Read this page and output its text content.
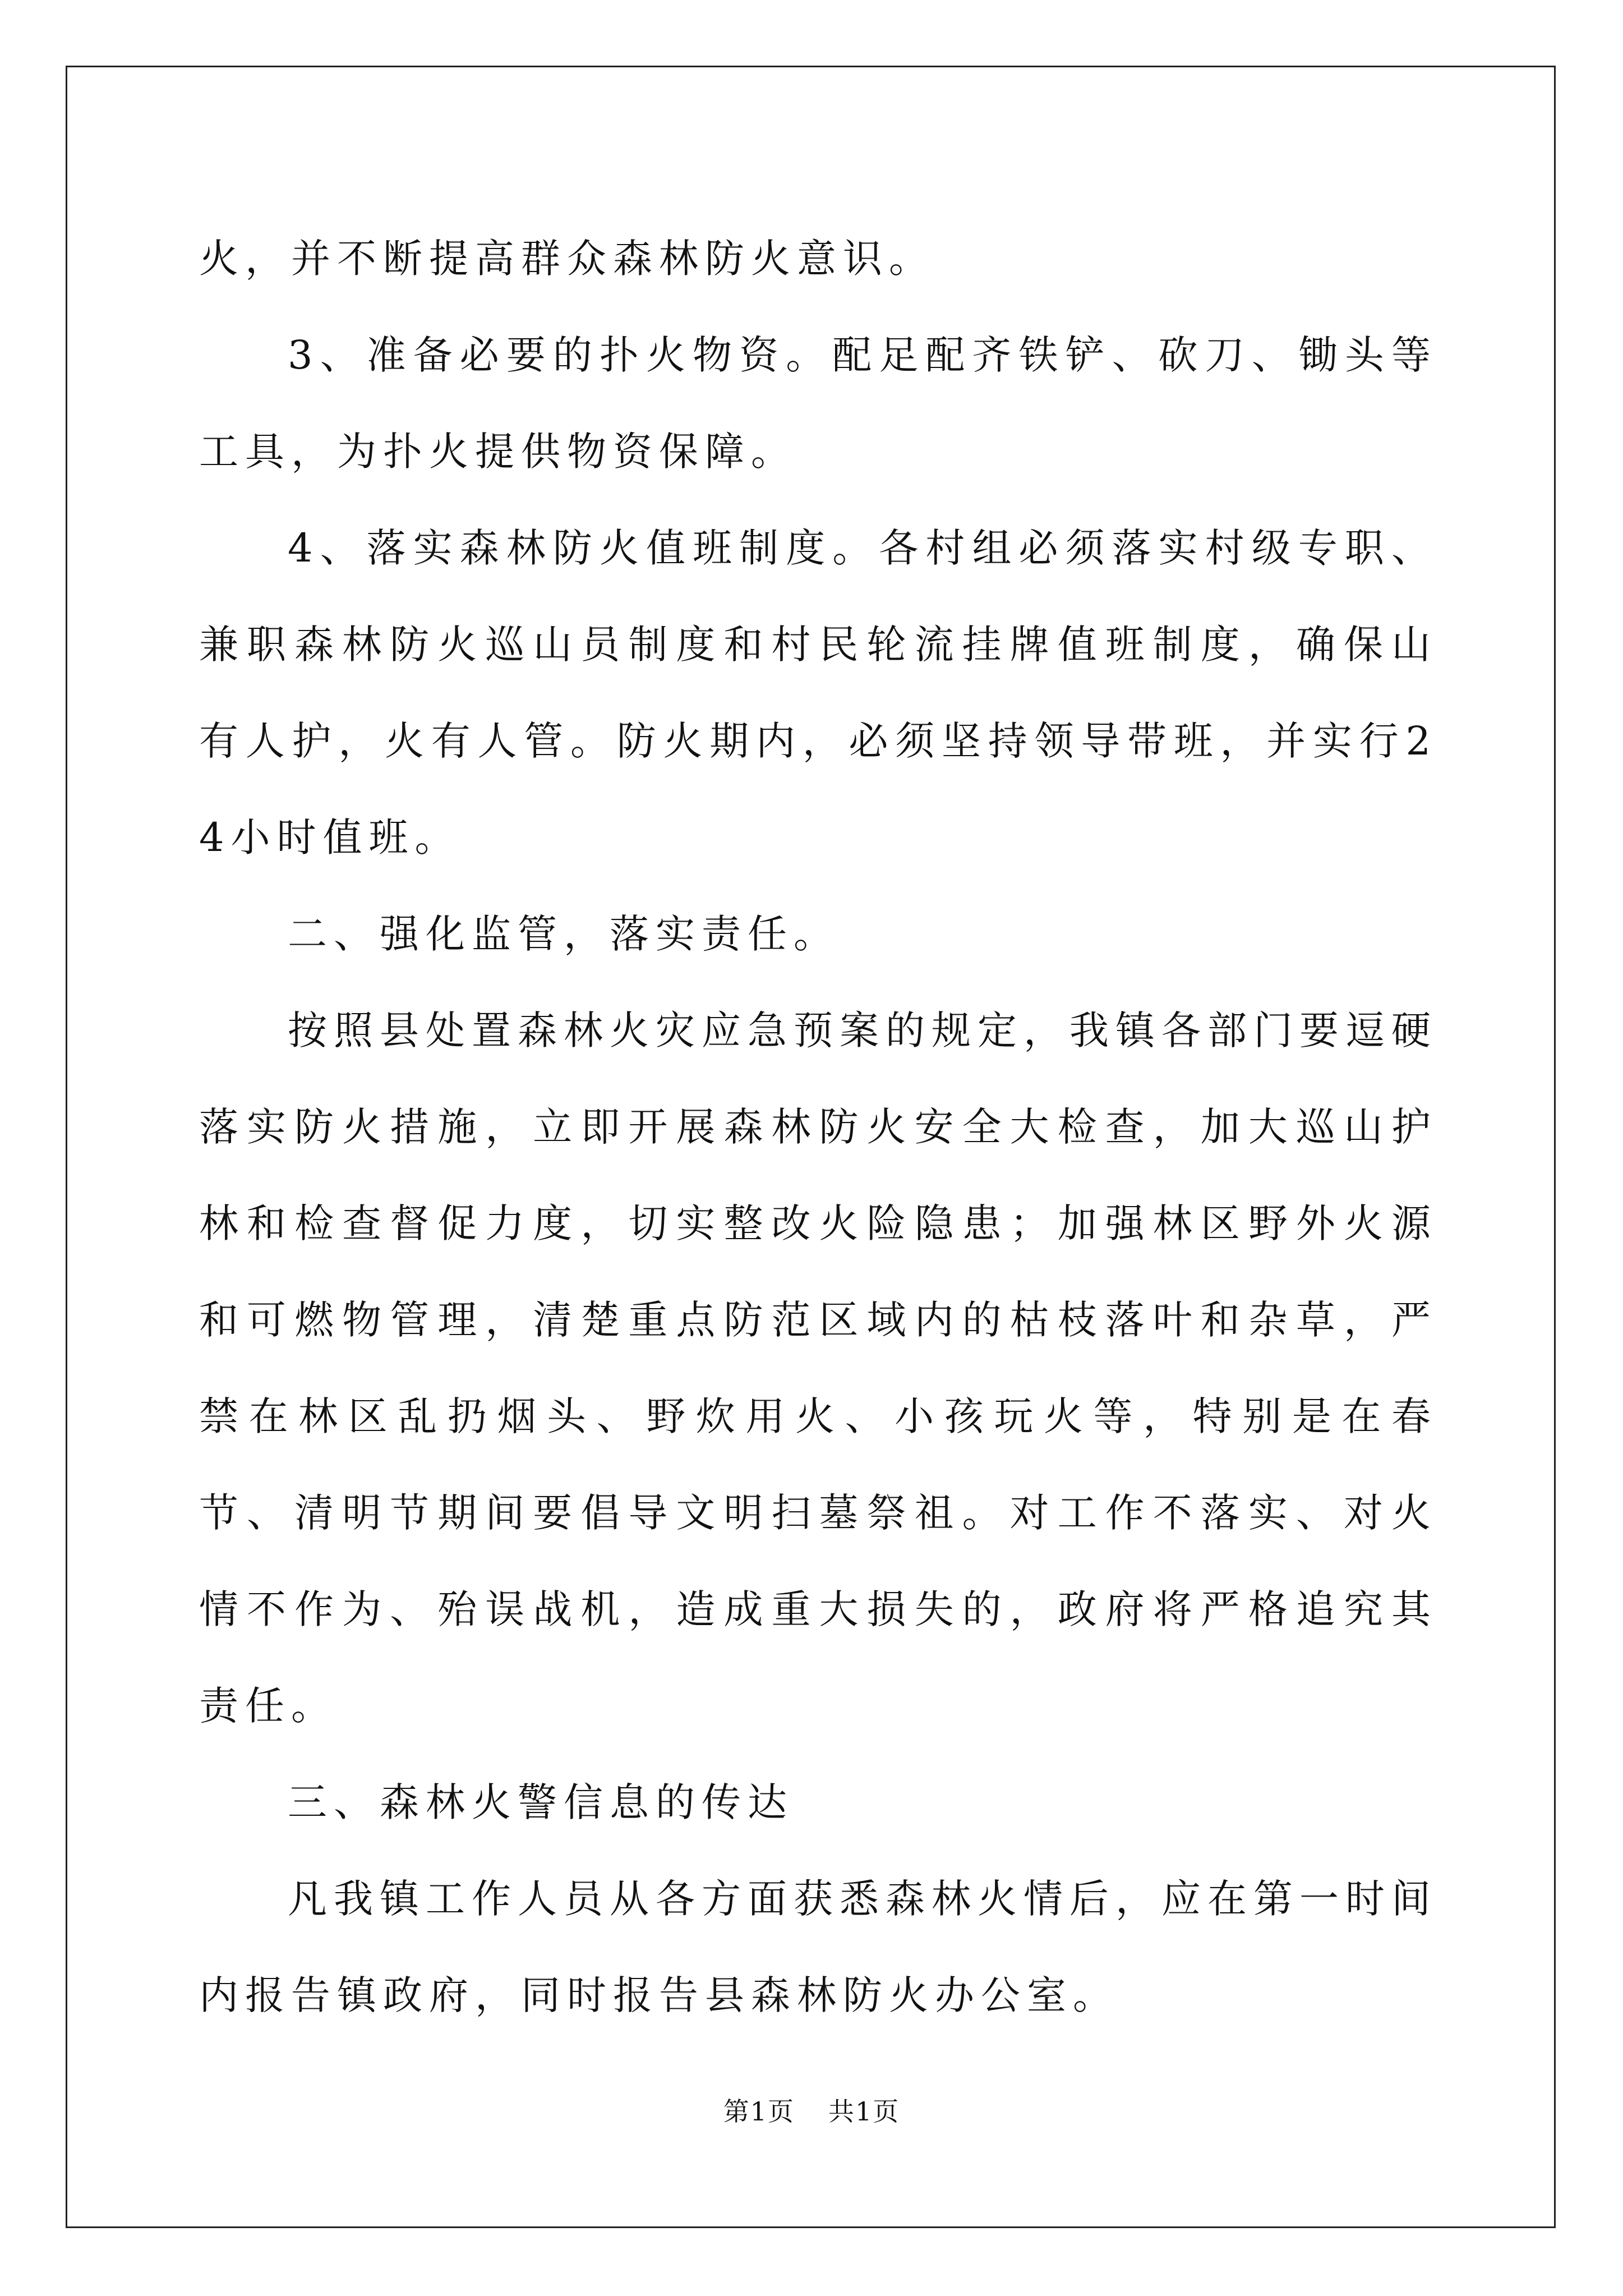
火，并不断提高群众森林防火意识。

3、准备必要的扑火物资。配足配齐铁铲、砍刀、锄头等工具，为扑火提供物资保障。

4、落实森林防火值班制度。各村组必须落实村级专职、兼职森林防火巡山员制度和村民轮流挂牌值班制度，确保山有人护，火有人管。防火期内，必须坚持领导带班，并实行24小时值班。

二、强化监管，落实责任。

按照县处置森林火灾应急预案的规定，我镇各部门要逗硬落实防火措施，立即开展森林防火安全大检查，加大巡山护林和检查督促力度，切实整改火险隐患；加强林区野外火源和可燃物管理，清楚重点防范区域内的枯枝落叶和杂草，严禁在林区乱扔烟头、野炊用火、小孩玩火等，特别是在春节、清明节期间要倡导文明扫墓祭祖。对工作不落实、对火情不作为、殆误战机，造成重大损失的，政府将严格追究其责任。

三、森林火警信息的传达

凡我镇工作人员从各方面获悉森林火情后，应在第一时间内报告镇政府，同时报告县森林防火办公室。

第1页 共1页
